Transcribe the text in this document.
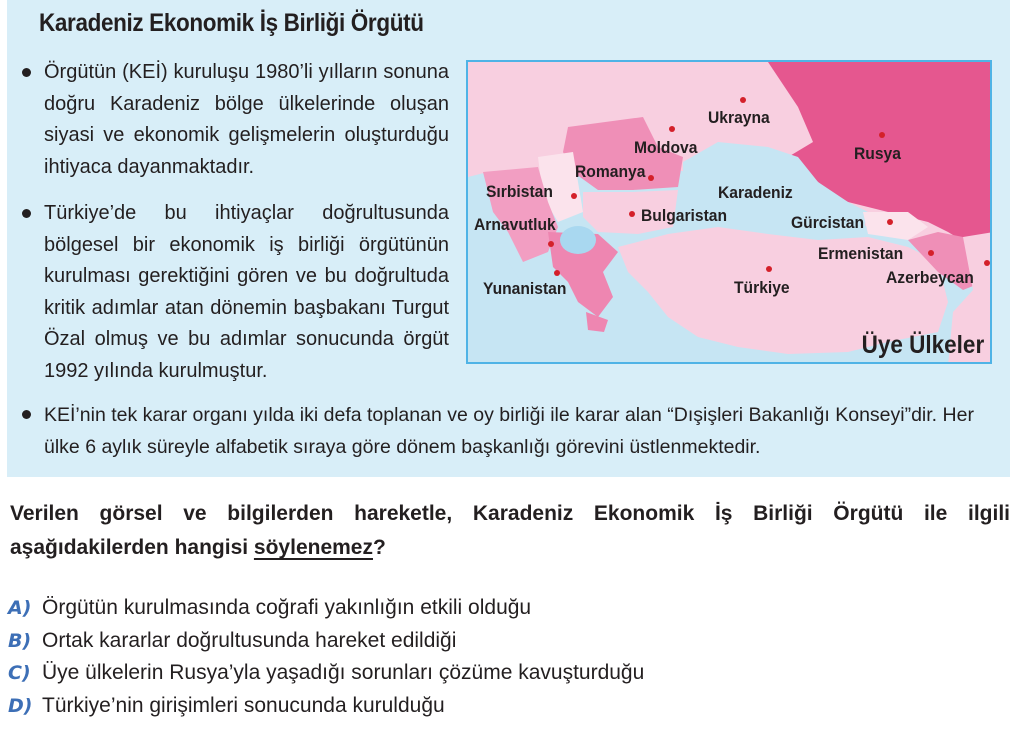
Karadeniz Ekonomik İş Birliği Örgütü
Örgütün (KEİ) kuruluşu 1980’li yılların sonuna doğru Karadeniz bölge ülkelerinde oluşan siyasi ve ekonomik gelişmelerin oluşturduğu ihtiyaca dayanmaktadır.
Türkiye’de bu ihtiyaçlar doğrultusunda bölgesel bir ekonomik iş birliği örgütünün kurulması gerektiğini gören ve bu doğrultuda kritik adımlar atan dönemin başbakanı Turgut Özal olmuş ve bu adımlar sonucunda örgüt 1992 yılında kurulmuştur.
KEİ’nin tek karar organı yılda iki defa toplanan ve oy birliği ile karar alan “Dışişleri Bakanlığı Konseyi”dir. Her ülke 6 aylık süreyle alfabetik sıraya göre dönem başkanlığı görevini üstlenmektedir.
Ukrayna
Moldova	Rusya
Romanya
Sırbistan	Karadeniz
Arnavutluk	Bulgaristan	Gürcistan
Ermenistan
Azerbeycan
Yunanistan	Türkiye
Üye Ülkeler
Verilen görsel ve bilgilerden hareketle, Karadeniz Ekonomik İş Birliği Örgütü ile ilgili aşağıdakilerden hangisi söylenemez?
A) Örgütün kurulmasında coğrafi yakınlığın etkili olduğu
B) Ortak kararlar doğrultusunda hareket edildiği
C) Üye ülkelerin Rusya’yla yaşadığı sorunları çözüme kavuşturduğu
D) Türkiye’nin girişimleri sonucunda kurulduğu
